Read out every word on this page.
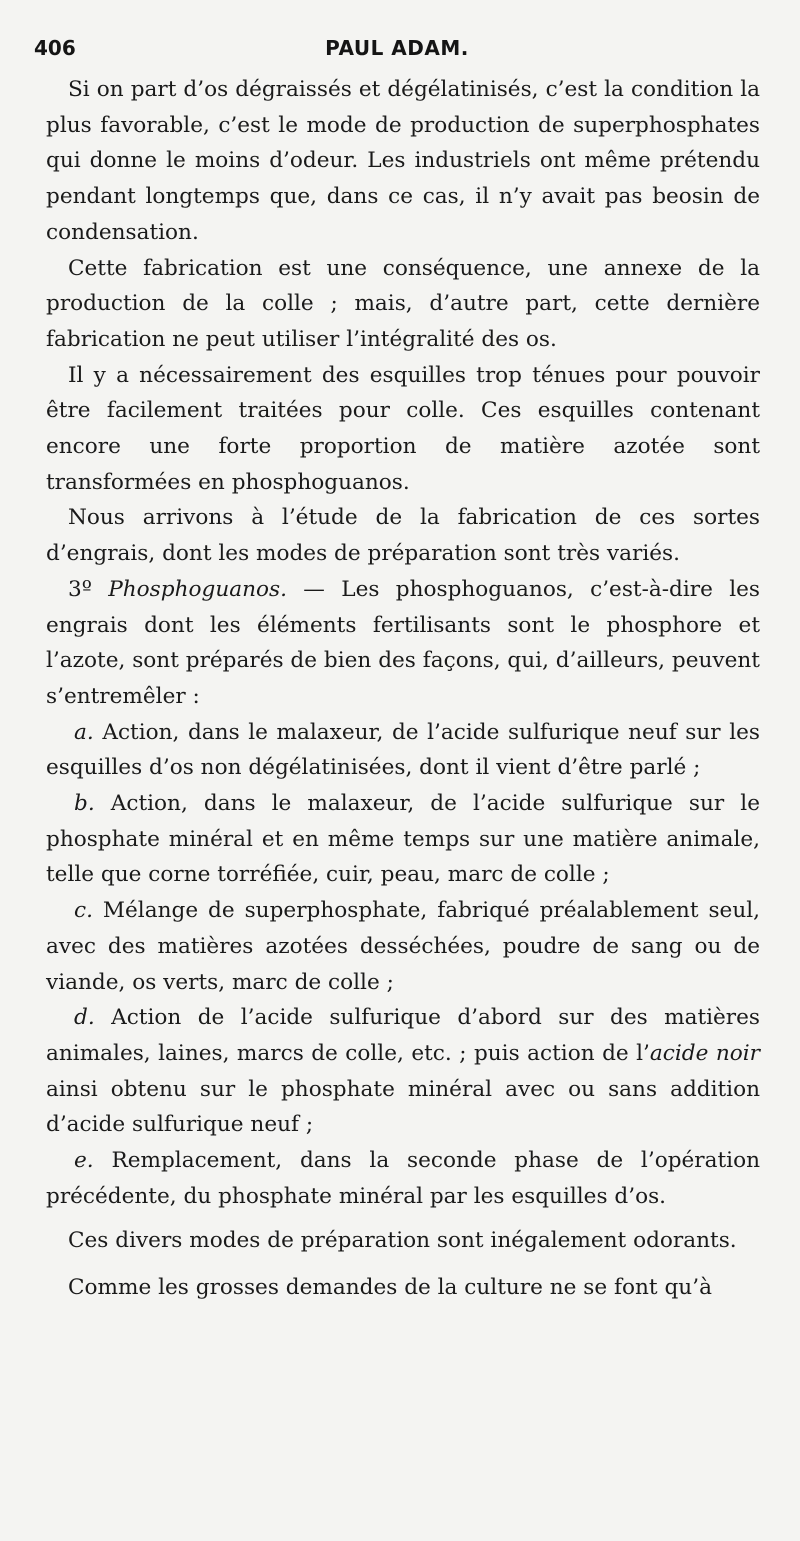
406	PAUL ADAM.

Si on part d’os dégraissés et dégélatinisés, c’est la condition la plus favorable, c’est le mode de production de superphosphates qui donne le moins d’odeur. Les industriels ont même prétendu pendant longtemps que, dans ce cas, il n’y avait pas beosin de condensation.

Cette fabrication est une conséquence, une annexe de la production de la colle ; mais, d’autre part, cette dernière fabrication ne peut utiliser l’intégralité des os.

Il y a nécessairement des esquilles trop ténues pour pouvoir être facilement traitées pour colle. Ces esquilles contenant encore une forte proportion de matière azotée sont transformées en phosphoguanos.

Nous arrivons à l’étude de la fabrication de ces sortes d’engrais, dont les modes de préparation sont très variés.

3º Phosphoguanos. — Les phosphoguanos, c’est-à-dire les engrais dont les éléments fertilisants sont le phosphore et l’azote, sont préparés de bien des façons, qui, d’ailleurs, peuvent s’entremêler :

a. Action, dans le malaxeur, de l’acide sulfurique neuf sur les esquilles d’os non dégélatinisées, dont il vient d’être parlé ;

b. Action, dans le malaxeur, de l’acide sulfurique sur le phosphate minéral et en même temps sur une matière animale, telle que corne torréfiée, cuir, peau, marc de colle ;

c. Mélange de superphosphate, fabriqué préalablement seul, avec des matières azotées desséchées, poudre de sang ou de viande, os verts, marc de colle ;

d. Action de l’acide sulfurique d’abord sur des matières animales, laines, marcs de colle, etc. ; puis action de l’acide noir ainsi obtenu sur le phosphate minéral avec ou sans addition d’acide sulfurique neuf ;

e. Remplacement, dans la seconde phase de l’opération précédente, du phosphate minéral par les esquilles d’os.

Ces divers modes de préparation sont inégalement odorants.

Comme les grosses demandes de la culture ne se font qu’à
